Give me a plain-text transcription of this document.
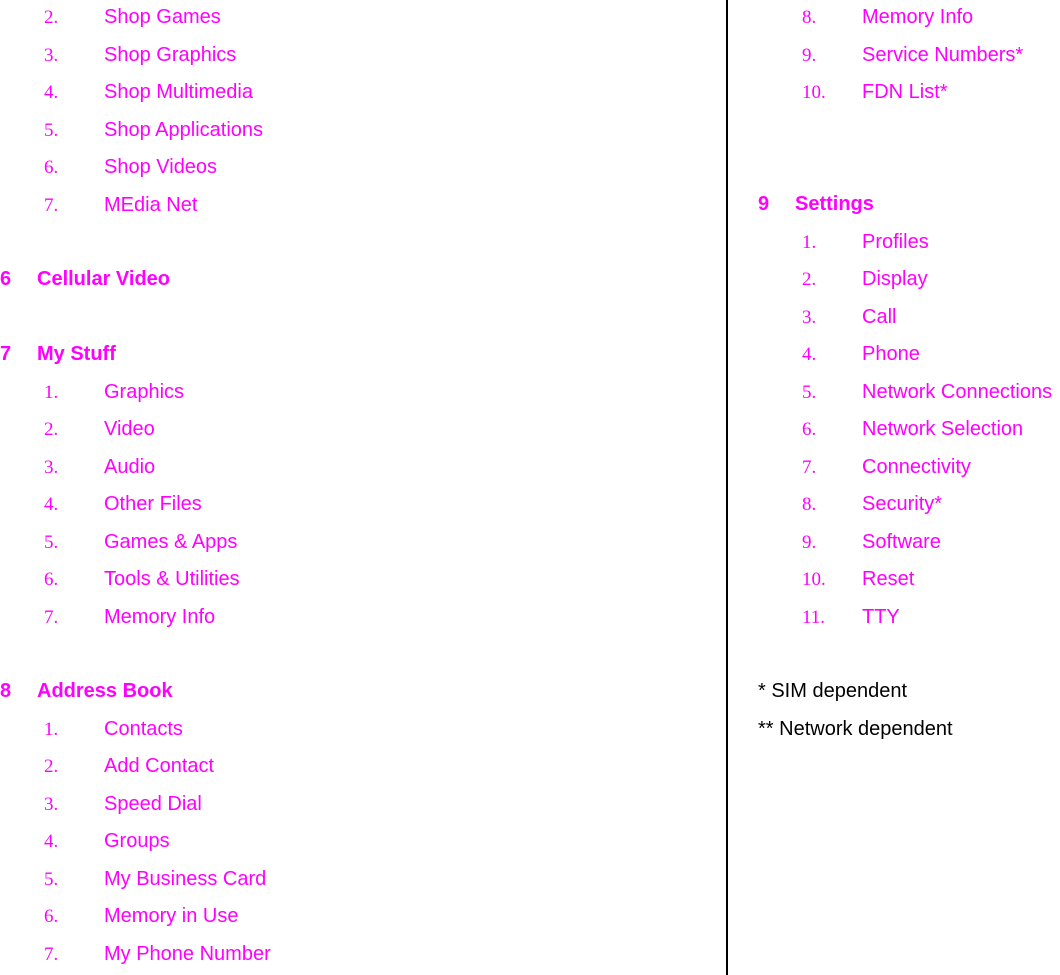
2. Shop Games
3. Shop Graphics
4. Shop Multimedia
5. Shop Applications
6. Shop Videos
7. MEdia Net
6 Cellular Video
7 My Stuff
1. Graphics
2. Video
3. Audio
4. Other Files
5. Games & Apps
6. Tools & Utilities
7. Memory Info
8 Address Book
1. Contacts
2. Add Contact
3. Speed Dial
4. Groups
5. My Business Card
6. Memory in Use
7. My Phone Number
8. Memory Info
9. Service Numbers*
10. FDN List*
9 Settings
1. Profiles
2. Display
3. Call
4. Phone
5. Network Connections
6. Network Selection
7. Connectivity
8. Security*
9. Software
10. Reset
11. TTY
* SIM dependent
** Network dependent
